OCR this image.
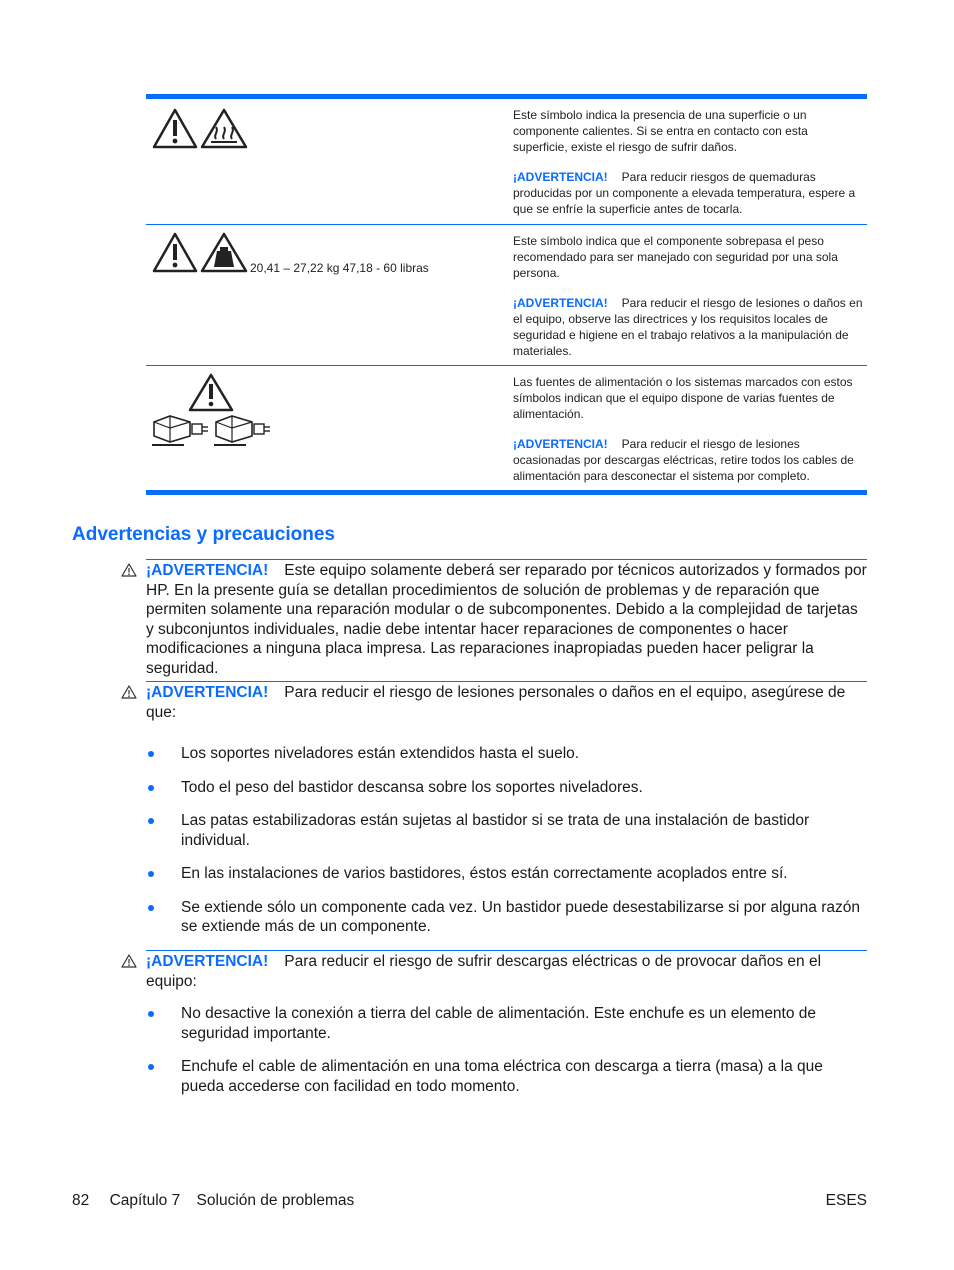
Este símbolo indica la presencia de una superficie o un componente calientes. Si se entra en contacto con esta superficie, existe el riesgo de sufrir daños.

¡ADVERTENCIA! Para reducir riesgos de quemaduras producidas por un componente a elevada temperatura, espere a que se enfríe la superficie antes de tocarla.

20,41 – 27,22 kg 47,18 - 60 libras

Este símbolo indica que el componente sobrepasa el peso recomendado para ser manejado con seguridad por una sola persona.

¡ADVERTENCIA! Para reducir el riesgo de lesiones o daños en el equipo, observe las directrices y los requisitos locales de seguridad e higiene en el trabajo relativos a la manipulación de materiales.

Las fuentes de alimentación o los sistemas marcados con estos símbolos indican que el equipo dispone de varias fuentes de alimentación.

¡ADVERTENCIA! Para reducir el riesgo de lesiones ocasionadas por descargas eléctricas, retire todos los cables de alimentación para desconectar el sistema por completo.

Advertencias y precauciones

¡ADVERTENCIA! Este equipo solamente deberá ser reparado por técnicos autorizados y formados por HP. En la presente guía se detallan procedimientos de solución de problemas y de reparación que permiten solamente una reparación modular o de subcomponentes. Debido a la complejidad de tarjetas y subconjuntos individuales, nadie debe intentar hacer reparaciones de componentes o hacer modificaciones a ninguna placa impresa. Las reparaciones inapropiadas pueden hacer peligrar la seguridad.

¡ADVERTENCIA! Para reducir el riesgo de lesiones personales o daños en el equipo, asegúrese de que:

Los soportes niveladores están extendidos hasta el suelo.
Todo el peso del bastidor descansa sobre los soportes niveladores.
Las patas estabilizadoras están sujetas al bastidor si se trata de una instalación de bastidor individual.
En las instalaciones de varios bastidores, éstos están correctamente acoplados entre sí.
Se extiende sólo un componente cada vez. Un bastidor puede desestabilizarse si por alguna razón se extiende más de un componente.

¡ADVERTENCIA! Para reducir el riesgo de sufrir descargas eléctricas o de provocar daños en el equipo:

No desactive la conexión a tierra del cable de alimentación. Este enchufe es un elemento de seguridad importante.
Enchufe el cable de alimentación en una toma eléctrica con descarga a tierra (masa) a la que pueda accederse con facilidad en todo momento.
82 Capítulo 7 Solución de problemas	ESES
